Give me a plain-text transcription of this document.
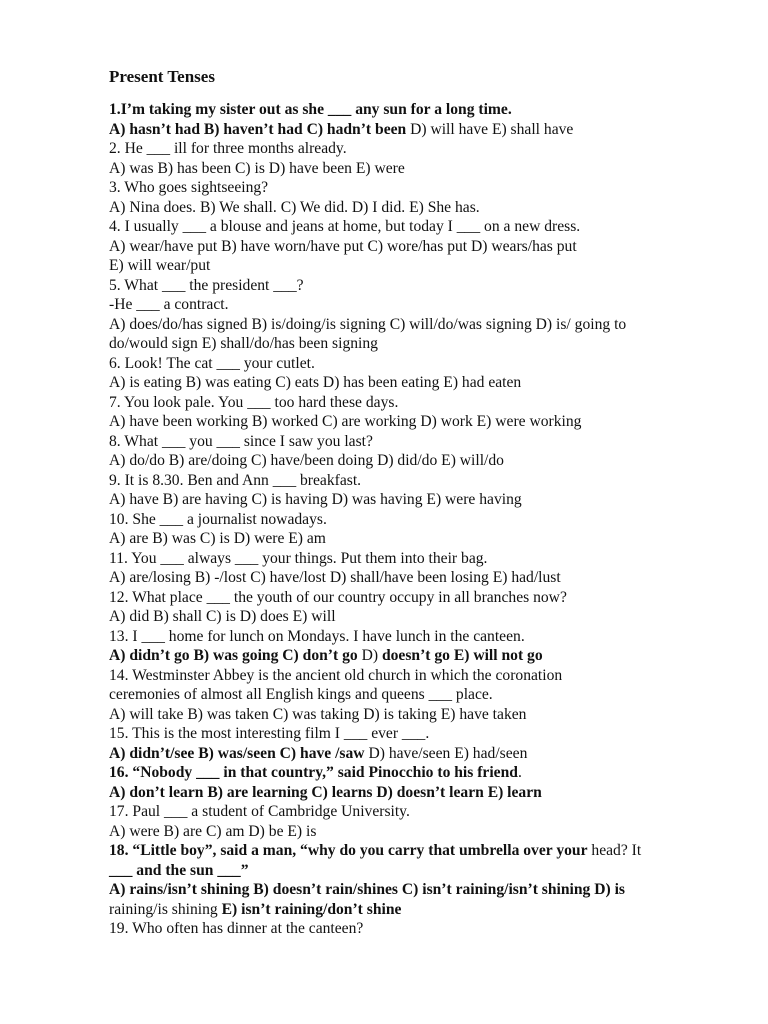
Present Tenses
1.I’m taking my sister out as she ___ any sun for a long time.
A) hasn’t had B) haven’t had C) hadn’t been D) will have E) shall have
2. He ___ ill for three months already.
A) was B) has been C) is D) have been E) were
3. Who goes sightseeing?
A) Nina does. B) We shall. C) We did. D) I did. E) She has.
4. I usually ___ a blouse and jeans at home, but today I ___ on a new dress.
A) wear/have put B) have worn/have put C) wore/has put D) wears/has put
E) will wear/put
5. What ___ the president ___?
-He ___ a contract.
A) does/do/has signed B) is/doing/is signing C) will/do/was signing D) is/ going to
do/would sign E) shall/do/has been signing
6. Look! The cat ___ your cutlet.
A) is eating B) was eating C) eats D) has been eating E) had eaten
7. You look pale. You ___ too hard these days.
A) have been working B) worked C) are working D) work E) were working
8. What ___ you ___ since I saw you last?
A) do/do B) are/doing C) have/been doing D) did/do E) will/do
9. It is 8.30. Ben and Ann ___ breakfast.
A) have B) are having C) is having D) was having E) were having
10. She ___ a journalist nowadays.
A) are B) was C) is D) were E) am
11. You ___ always ___ your things. Put them into their bag.
A) are/losing B) -/lost C) have/lost D) shall/have been losing E) had/lust
12. What place ___ the youth of our country occupy in all branches now?
A) did B) shall C) is D) does E) will
13. I ___ home for lunch on Mondays. I have lunch in the canteen.
A) didn’t go B) was going C) don’t go D) doesn’t go E) will not go
14. Westminster Abbey is the ancient old church in which the coronation
ceremonies of almost all English kings and queens ___ place.
A) will take B) was taken C) was taking D) is taking E) have taken
15. This is the most interesting film I ___ ever ___.
A) didn’t/see B) was/seen C) have /saw D) have/seen E) had/seen
16. “Nobody ___ in that country,” said Pinocchio to his friend.
A) don’t learn B) are learning C) learns D) doesn’t learn E) learn
17. Paul ___ a student of Cambridge University.
A) were B) are C) am D) be E) is
18. “Little boy”, said a man, “why do you carry that umbrella over your head? It
___ and the sun ___”
A) rains/isn’t shining B) doesn’t rain/shines C) isn’t raining/isn’t shining D) is
raining/is shining E) isn’t raining/don’t shine
19. Who often has dinner at the canteen?
